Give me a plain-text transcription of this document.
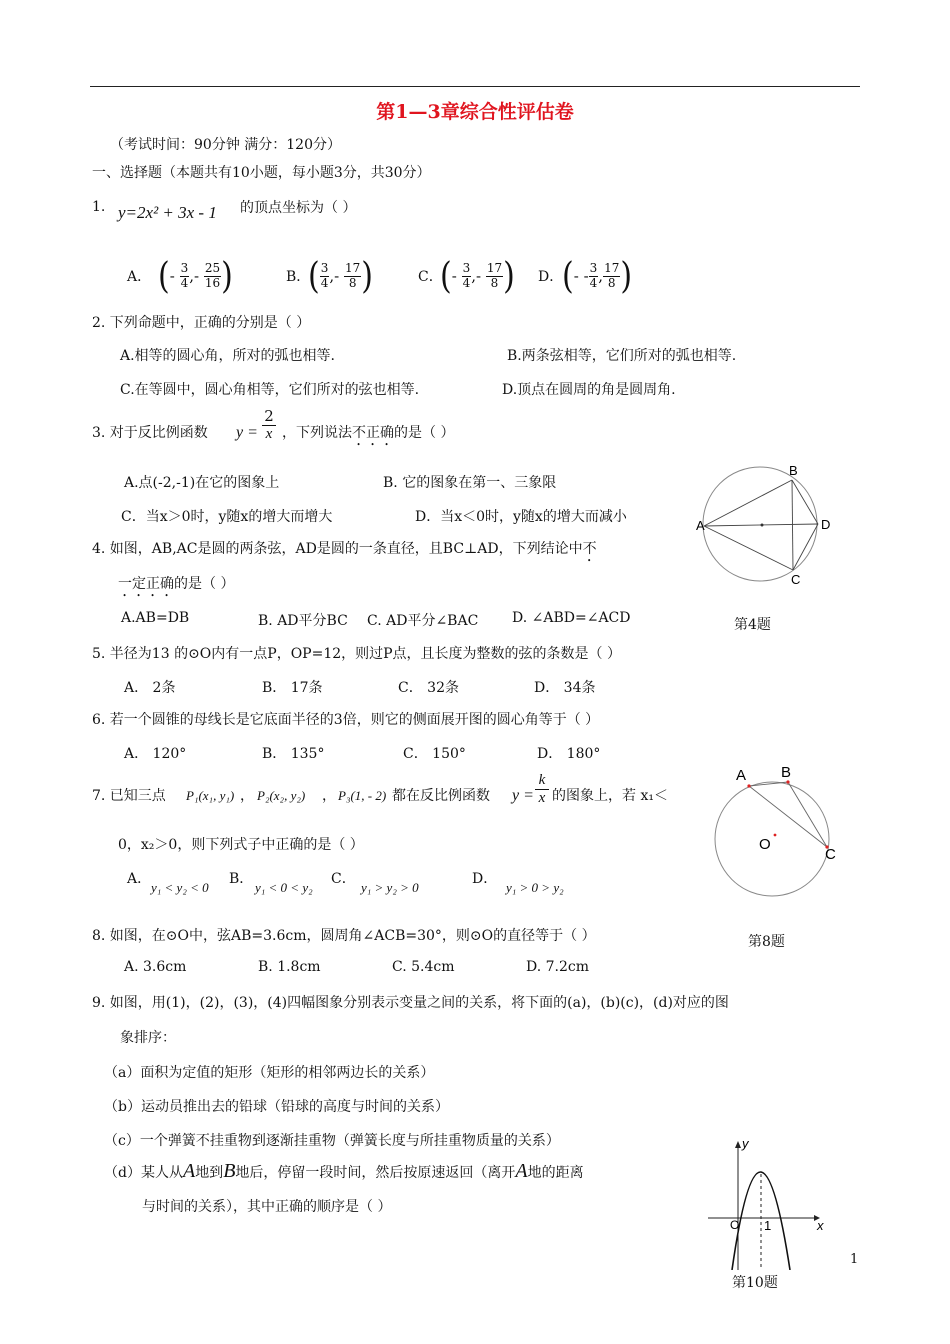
第1—3章综合性评估卷
（考试时间：90分钟 满分：120分）
一、选择题（本题共有10小题，每小题3分，共30分）
1. y=2x² + 3x - 1 的顶点坐标为（ ）
A． ( -
$\frac{3}{4}$ , -
$\frac{25}{16}$ )	B．
( $\frac{3}{4}$ , -
$\frac{17}{8}$ )	C．
( -
$\frac{3}{4}$ , -
$\frac{17}{8}$ ) D．
( - - $\frac{3}{4}$ , $\frac{17}{8}$ )
2. 下列命题中，正确的分别是（ ）
A.相等的圆心角，所对的弧也相等.	B.两条弦相等，它们所对的弧也相等.
C.在等圆中，圆心角相等，它们所对的弦也相等.	D.顶点在圆周的角是圆周角.
3. 对于反比例函数 $y = \frac{2}{x}$ ，下列说法不正确的是（ ）
A.点(-2,-1)在它的图象上	B. 它的图象在第一、三象限
C．当x＞0时，y随x的增大而增大	D．当x＜0时，y随x的增大而减小
A
B
C
D
4. 如图，AB,AC是圆的两条弦，AD是圆的一条直径，且BC⊥AD，下列结论中不
一定正确的是（ ）
A.AB=DB	B. AD平分BC C. AD平分∠BAC D. ∠ABD=∠ACD	第4题
5. 半径为13 的⊙O内有一点P，OP=12，则过P点，且长度为整数的弦的条数是（ ）
A． 2条	B． 17条	C． 32条	D． 34条
6. 若一个圆锥的母线长是它底面半径的3倍，则它的侧面展开图的圆心角等于（ ）
A． 120°	B． 135°	C． 150°	D． 180°
A B
C
O
7. 已知三点 P₁(x₁, y₁) ， P₂(x₂, y₂) ， P₃(1, - 2) 都在反比例函数 $y = \frac{k}{x}$ 的图象上，若 x₁＜
0，x₂＞0，则下列式子中正确的是（ ）
A．
y₁ < y₂ < 0
B．
y₁ < 0 < y₂
C．
y₁ > y₂ > 0
D．
y₁ > 0 > y₂
8. 如图，在⊙O中，弦AB=3.6cm，圆周角∠ACB=30°，则⊙O的直径等于（ ）	第8题
A. 3.6cm	B. 1.8cm	C. 5.4cm	D. 7.2cm
9. 如图，用(1)，(2)，(3)，(4)四幅图象分别表示变量之间的关系，将下面的(a)，(b)(c)，(d)对应的图
象排序：
（a）面积为定值的矩形（矩形的相邻两边长的关系）
（b）运动员推出去的铅球（铅球的高度与时间的关系）
（c）一个弹簧不挂重物到逐渐挂重物（弹簧长度与所挂重物质量的关系）
（d）某人从A地到B地后，停留一段时间，然后按原速返回（离开A地的距离
与时间的关系），其中正确的顺序是（ ）
y
x
O 1
第10题
1
